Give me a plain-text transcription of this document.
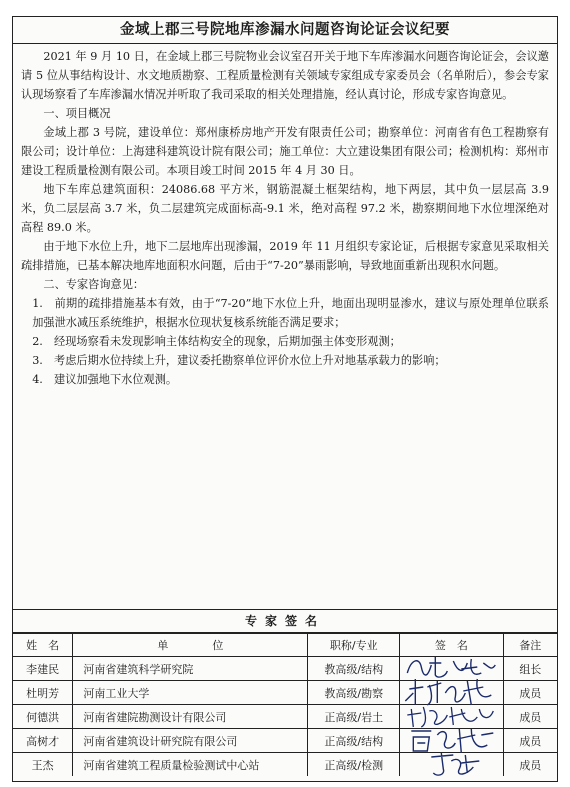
金域上郡三号院地库渗漏水问题咨询论证会议纪要

2021 年 9 月 10 日，在金域上郡三号院物业会议室召开关于地下车库渗漏水问题咨询论证会，会议邀请 5 位从事结构设计、水文地质勘察、工程质量检测有关领域专家组成专家委员会（名单附后），参会专家认现场察看了车库渗漏水情况并听取了我司采取的相关处理措施，经认真讨论，形成专家咨询意见。

一、项目概况

金域上郡 3 号院，建设单位：郑州康桥房地产开发有限责任公司；勘察单位：河南省有色工程勘察有限公司；设计单位：上海建科建筑设计院有限公司；施工单位：大立建设集团有限公司；检测机构：郑州市建设工程质量检测有限公司。本项目竣工时间 2015 年 4 月 30 日。

地下车库总建筑面积：24086.68 平方米，钢筋混凝土框架结构，地下两层，其中负一层层高 3.9 米，负二层层高 3.7 米，负二层建筑完成面标高-9.1 米，绝对高程 97.2 米，勘察期间地下水位埋深绝对高程 89.0 米。

由于地下水位上升，地下二层地库出现渗漏，2019 年 11 月组织专家论证，后根据专家意见采取相关疏排措施，已基本解决地库地面积水问题，后由于“7-20”暴雨影响，导致地面重新出现积水问题。

二、专家咨询意见：

1.　前期的疏排措施基本有效，由于“7-20”地下水位上升，地面出现明显渗水，建议与原处理单位联系加强泄水减压系统维护，根据水位现状复核系统能否满足要求；

2.　经现场察看未发现影响主体结构安全的现象，后期加强主体变形观测；

3.　考虑后期水位持续上升，建议委托勘察单位评价水位上升对地基承载力的影响；

4.　建议加强地下水位观测。

专家签名
姓　名	单　　　　位	职称/专业	签　名	备注
李建民	河南省建筑科学研究院	教高级/结构		组长
杜明芳	河南工业大学	教高级/勘察		成员
何德洪	河南省建院勘测设计有限公司	正高级/岩土		成员
高树才	河南省建筑设计研究院有限公司	正高级/结构		成员
王杰	河南省建筑工程质量检验测试中心站	正高级/检测		成员
